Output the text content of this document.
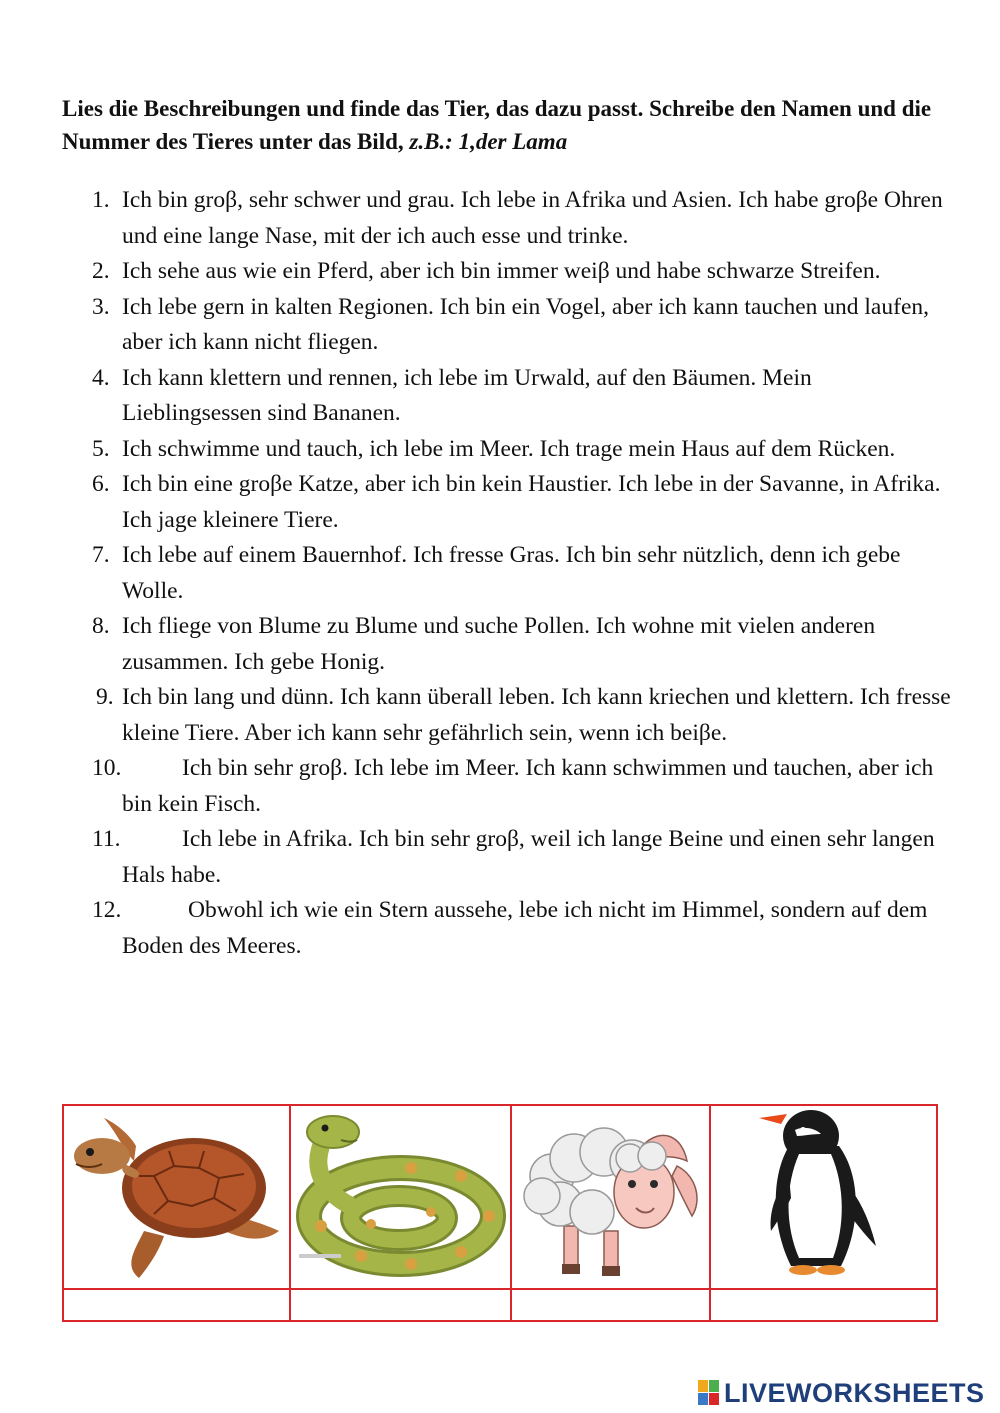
Lies die Beschreibungen und finde das Tier, das dazu passt. Schreibe den Namen und die Nummer des Tieres unter das Bild, z.B.: 1,der Lama
1. Ich bin groβ, sehr schwer und grau. Ich lebe in Afrika und Asien. Ich habe groβe Ohren und eine lange Nase, mit der ich auch esse und trinke.
2. Ich sehe aus wie ein Pferd, aber ich bin immer weiβ und habe schwarze Streifen.
3. Ich lebe gern in kalten Regionen. Ich bin ein Vogel, aber ich kann tauchen und laufen, aber ich kann nicht fliegen.
4. Ich kann klettern und rennen, ich lebe im Urwald, auf den Bäumen. Mein Lieblingsessen sind Bananen.
5. Ich schwimme und tauch, ich lebe im Meer. Ich trage mein Haus auf dem Rücken.
6. Ich bin eine groβe Katze, aber ich bin kein Haustier. Ich lebe in der Savanne, in Afrika. Ich jage kleinere Tiere.
7. Ich lebe auf einem Bauernhof. Ich fresse Gras. Ich bin sehr nützlich, denn ich gebe Wolle.
8. Ich fliege von Blume zu Blume und suche Pollen. Ich wohne mit vielen anderen zusammen. Ich gebe Honig.
9. Ich bin lang und dünn. Ich kann überall leben. Ich kann kriechen und klettern. Ich fresse kleine Tiere. Aber ich kann sehr gefährlich sein, wenn ich beiβe.
10.	Ich bin sehr groβ. Ich lebe im Meer. Ich kann schwimmen und tauchen, aber ich bin kein Fisch.
11.	Ich lebe in Afrika. Ich bin sehr groβ, weil ich lange Beine und einen sehr langen Hals habe.
12.	Obwohl ich wie ein Stern aussehe, lebe ich nicht im Himmel, sondern auf dem Boden des Meeres.
LIVEWORKSHEETS
